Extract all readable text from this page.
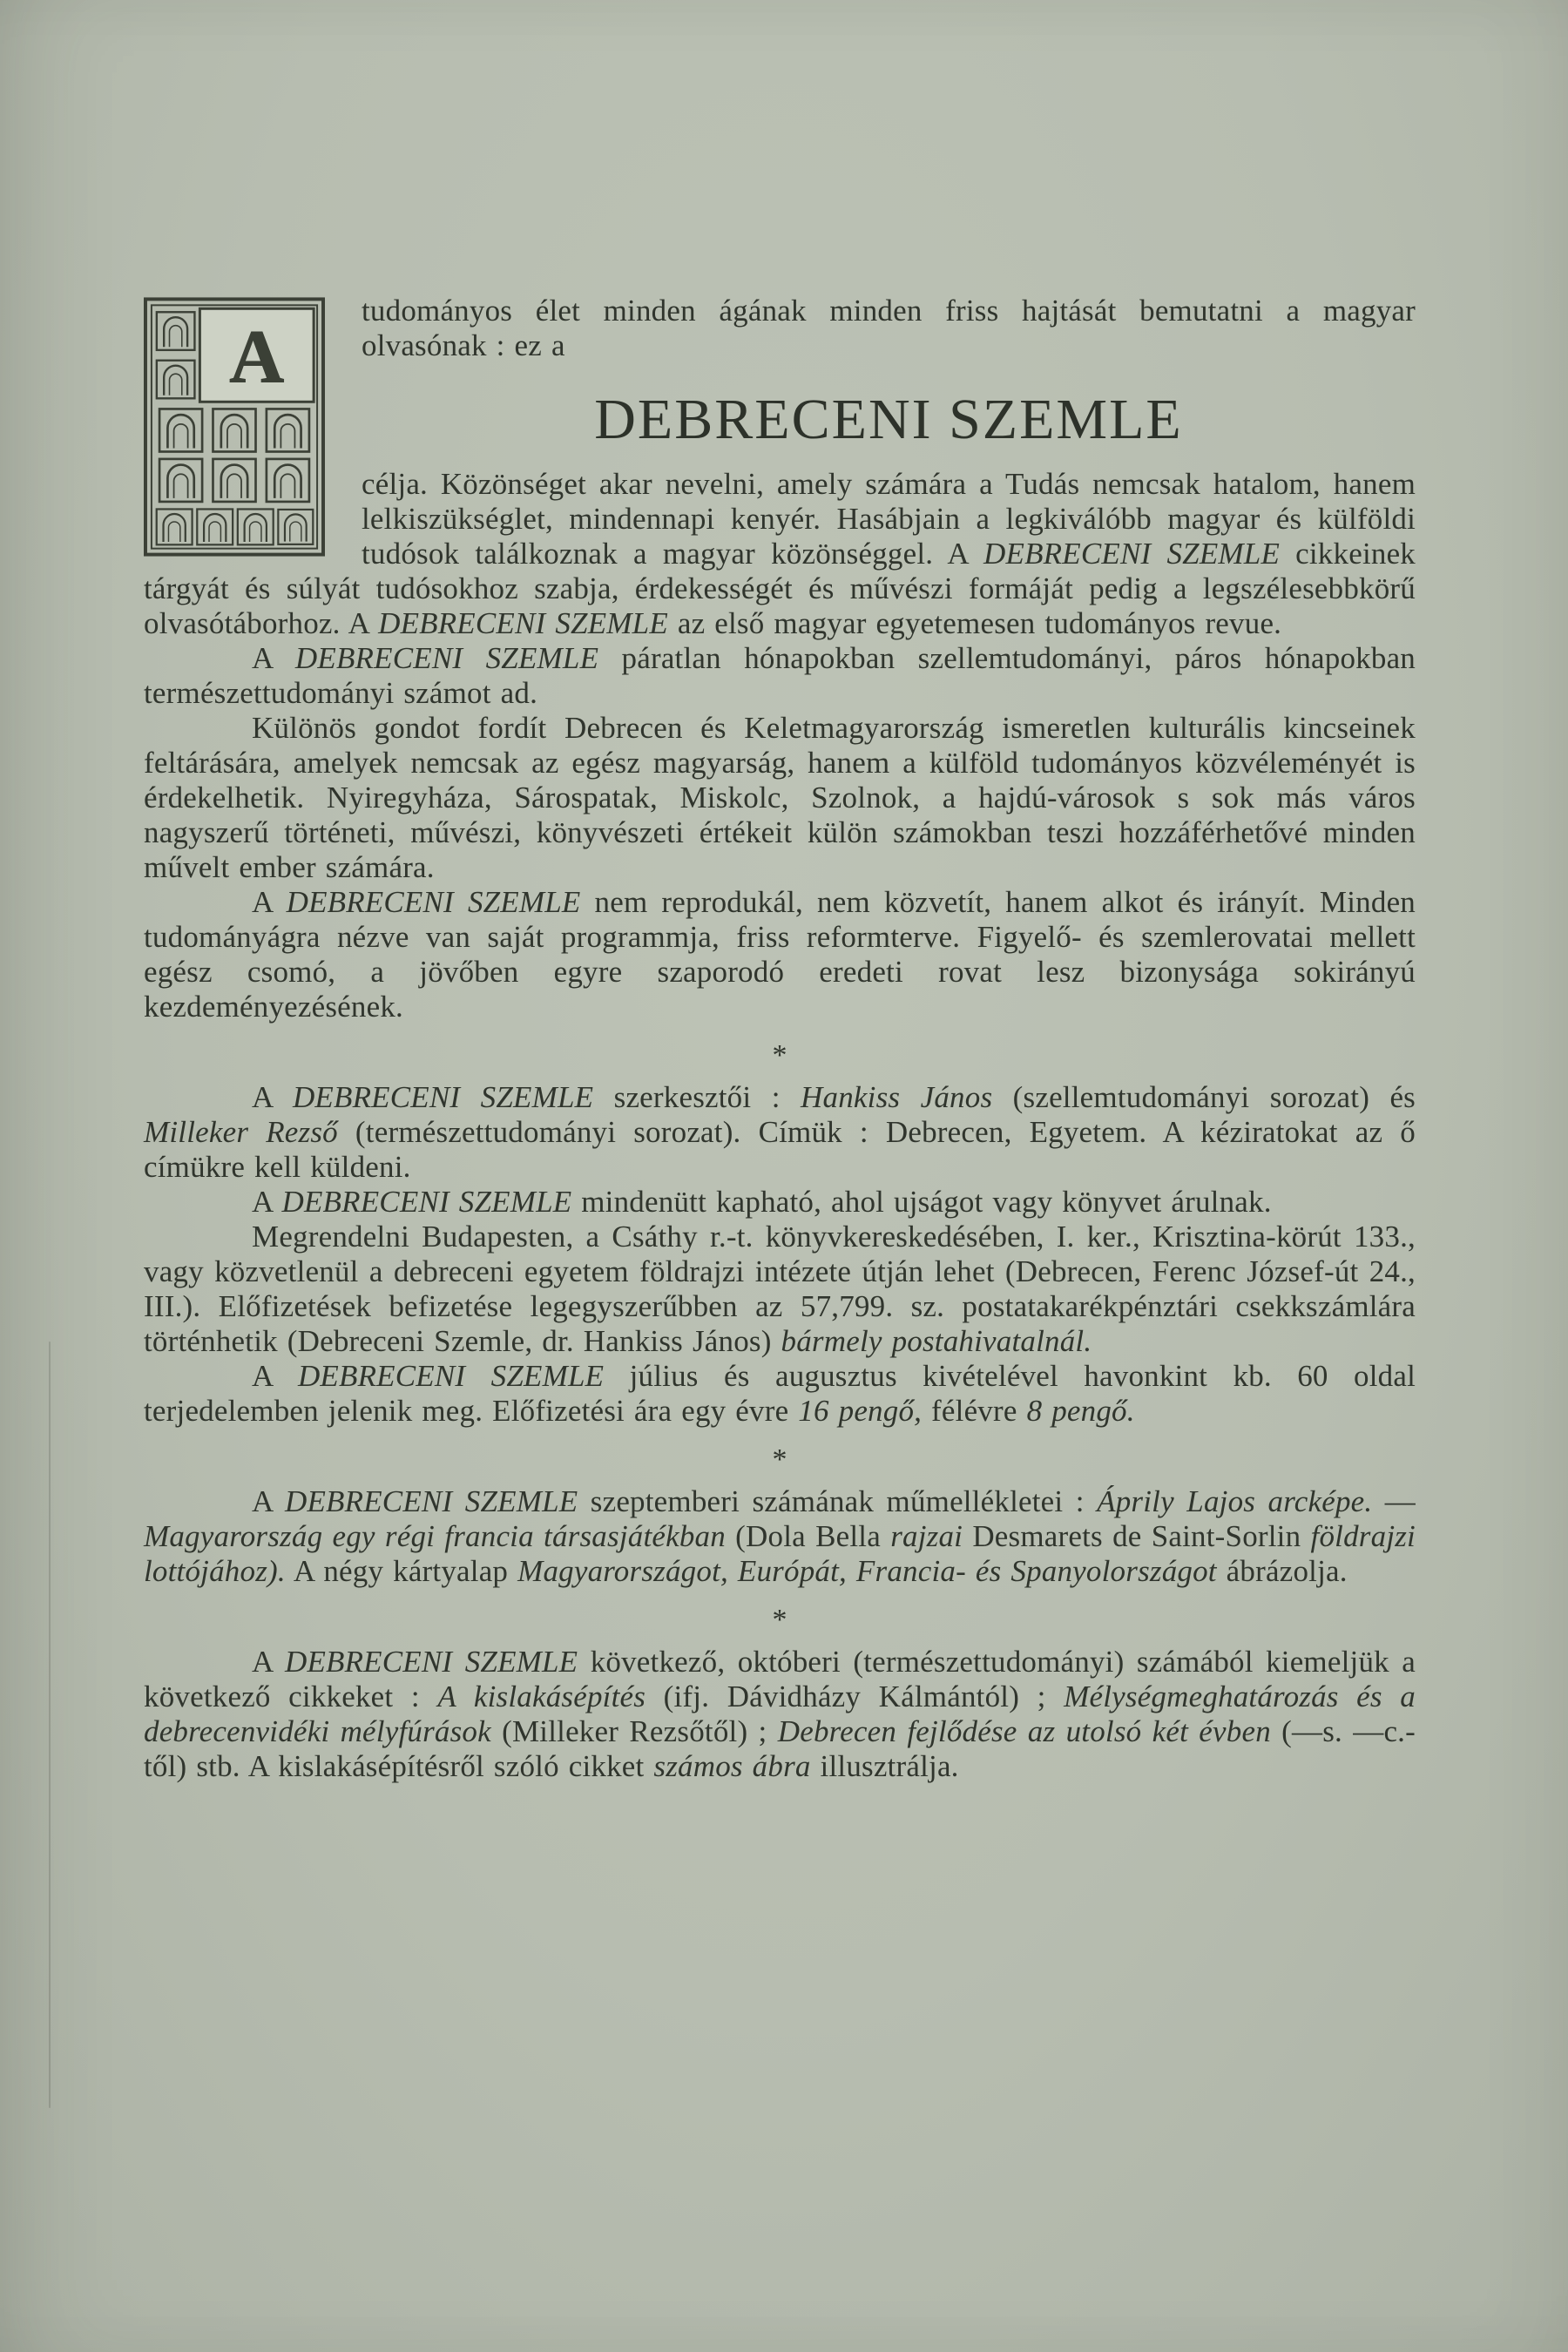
A

tudományos élet minden ágának minden friss hajtását bemutatni a magyar olvasónak : ez a

DEBRECENI SZEMLE

célja. Közönséget akar nevelni, amely számára a Tudás nemcsak hatalom, hanem lelkiszükséglet, mindennapi kenyér. Hasábjain a legkiválóbb magyar és külföldi tudósok találkoznak a magyar közönséggel. A DEBRECENI SZEMLE cikkeinek tárgyát és súlyát tudósokhoz szabja, érdekességét és művészi formáját pedig a legszélesebbkörű olvasótáborhoz. A DEBRECENI SZEMLE az első magyar egyetemesen tudományos revue.

A DEBRECENI SZEMLE páratlan hónapokban szellemtudományi, páros hónapokban természettudományi számot ad.

Különös gondot fordít Debrecen és Keletmagyarország ismeretlen kulturális kincseinek feltárására, amelyek nemcsak az egész magyarság, hanem a külföld tudományos közvéleményét is érdekelhetik. Nyiregyháza, Sárospatak, Miskolc, Szolnok, a hajdú-városok s sok más város nagyszerű történeti, művészi, könyvészeti értékeit külön számokban teszi hozzáférhetővé minden művelt ember számára.

A DEBRECENI SZEMLE nem reprodukál, nem közvetít, hanem alkot és irányít. Minden tudományágra nézve van saját programmja, friss reformterve. Figyelő- és szemlerovatai mellett egész csomó, a jövőben egyre szaporodó eredeti rovat lesz bizonysága sokirányú kezdeményezésének.

*

A DEBRECENI SZEMLE szerkesztői : Hankiss János (szellemtudományi sorozat) és Milleker Rezső (természettudományi sorozat). Címük : Debrecen, Egyetem. A kéziratokat az ő címükre kell küldeni.

A DEBRECENI SZEMLE mindenütt kapható, ahol ujságot vagy könyvet árulnak.

Megrendelni Budapesten, a Csáthy r.-t. könyvkereskedésében, I. ker., Krisztina-körút 133., vagy közvetlenül a debreceni egyetem földrajzi intézete útján lehet (Debrecen, Ferenc József-út 24., III.). Előfizetések befizetése legegyszerűbben az 57,799. sz. postatakarékpénztári csekkszámlára történhetik (Debreceni Szemle, dr. Hankiss János) bármely postahivatalnál.

A DEBRECENI SZEMLE július és augusztus kivételével havonkint kb. 60 oldal terjedelemben jelenik meg. Előfizetési ára egy évre 16 pengő, félévre 8 pengő.

*

A DEBRECENI SZEMLE szeptemberi számának műmellékletei : Áprily Lajos arcképe. — Magyarország egy régi francia társasjátékban (Dola Bella rajzai Desmarets de Saint-Sorlin földrajzi lottójához). A négy kártyalap Magyarországot, Európát, Francia- és Spanyolországot ábrázolja.

*

A DEBRECENI SZEMLE következő, októberi (természettudományi) számából kiemeljük a következő cikkeket : A kislakásépítés (ifj. Dávidházy Kálmántól) ; Mélységmeghatározás és a debrecenvidéki mélyfúrások (Milleker Rezsőtől) ; Debrecen fejlődése az utolsó két évben (—s. —c.-től) stb. A kislakásépítésről szóló cikket számos ábra illusztrálja.
